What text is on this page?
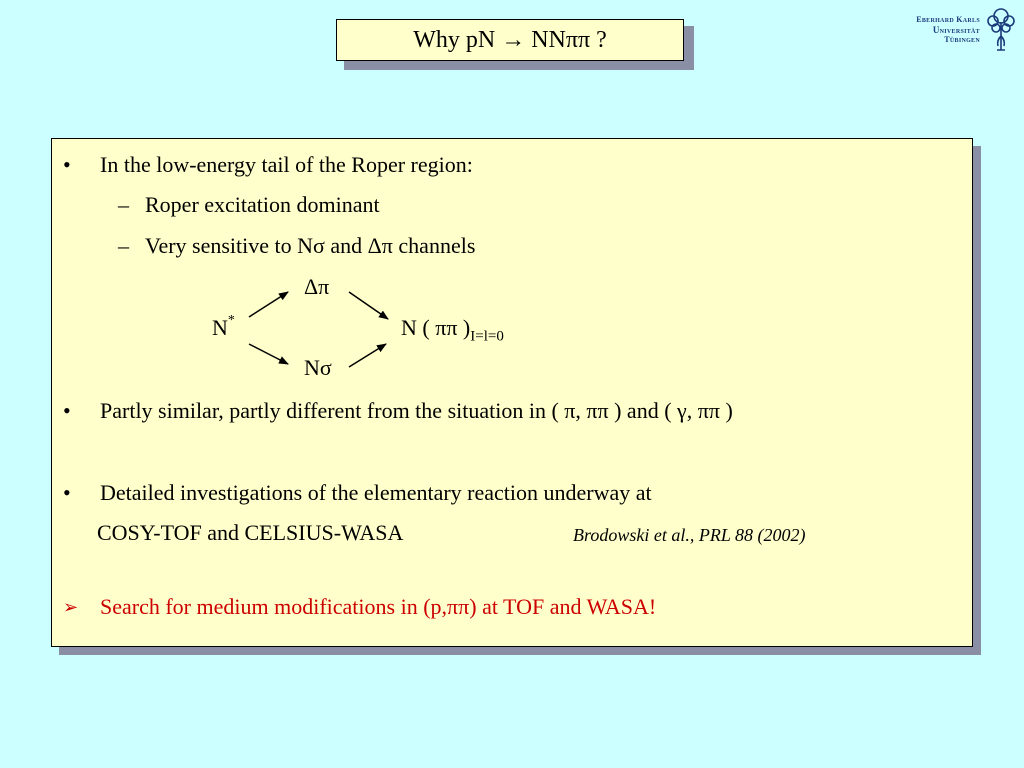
Why pN → NNππ ?
Eberhard Karls
Universität
Tübingen
• In the low-energy tail of the Roper region:
– Roper excitation dominant
– Very sensitive to Nσ and Δπ channels
Δπ
N*	N ( ππ )$_{I=l=0}$
Nσ
• Partly similar, partly different from the situation in ( π, ππ ) and ( γ, ππ )
• Detailed investigations of the elementary reaction underway at
COSY-TOF and CELSIUS-WASA	Brodowski et al., PRL 88 (2002)
➢ Search for medium modifications in (p,ππ) at TOF and WASA!
